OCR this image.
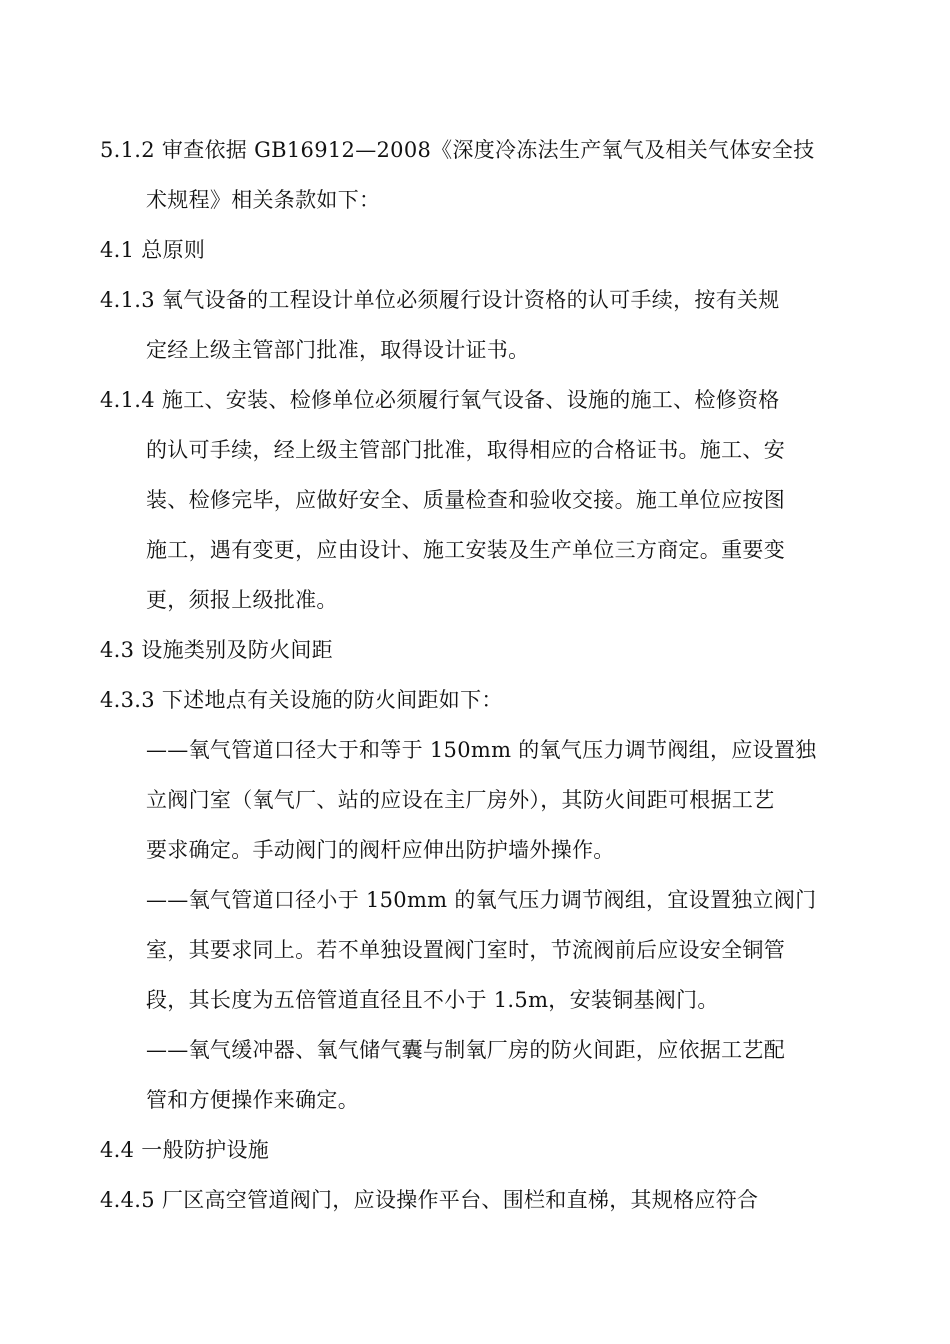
5.1.2 审查依据 GB16912—2008《深度冷冻法生产氧气及相关气体安全技
术规程》相关条款如下：
4.1 总原则
4.1.3 氧气设备的工程设计单位必须履行设计资格的认可手续，按有关规
定经上级主管部门批准，取得设计证书。
4.1.4 施工、安装、检修单位必须履行氧气设备、设施的施工、检修资格
的认可手续，经上级主管部门批准，取得相应的合格证书。施工、安
装、检修完毕，应做好安全、质量检查和验收交接。施工单位应按图
施工，遇有变更，应由设计、施工安装及生产单位三方商定。重要变
更，须报上级批准。
4.3 设施类别及防火间距
4.3.3 下述地点有关设施的防火间距如下：
——氧气管道口径大于和等于 150mm 的氧气压力调节阀组，应设置独
立阀门室（氧气厂、站的应设在主厂房外），其防火间距可根据工艺
要求确定。手动阀门的阀杆应伸出防护墙外操作。
——氧气管道口径小于 150mm 的氧气压力调节阀组，宜设置独立阀门
室，其要求同上。若不单独设置阀门室时，节流阀前后应设安全铜管
段，其长度为五倍管道直径且不小于 1.5m，安装铜基阀门。
——氧气缓冲器、氧气储气囊与制氧厂房的防火间距，应依据工艺配
管和方便操作来确定。
4.4 一般防护设施
4.4.5 厂区高空管道阀门，应设操作平台、围栏和直梯，其规格应符合
